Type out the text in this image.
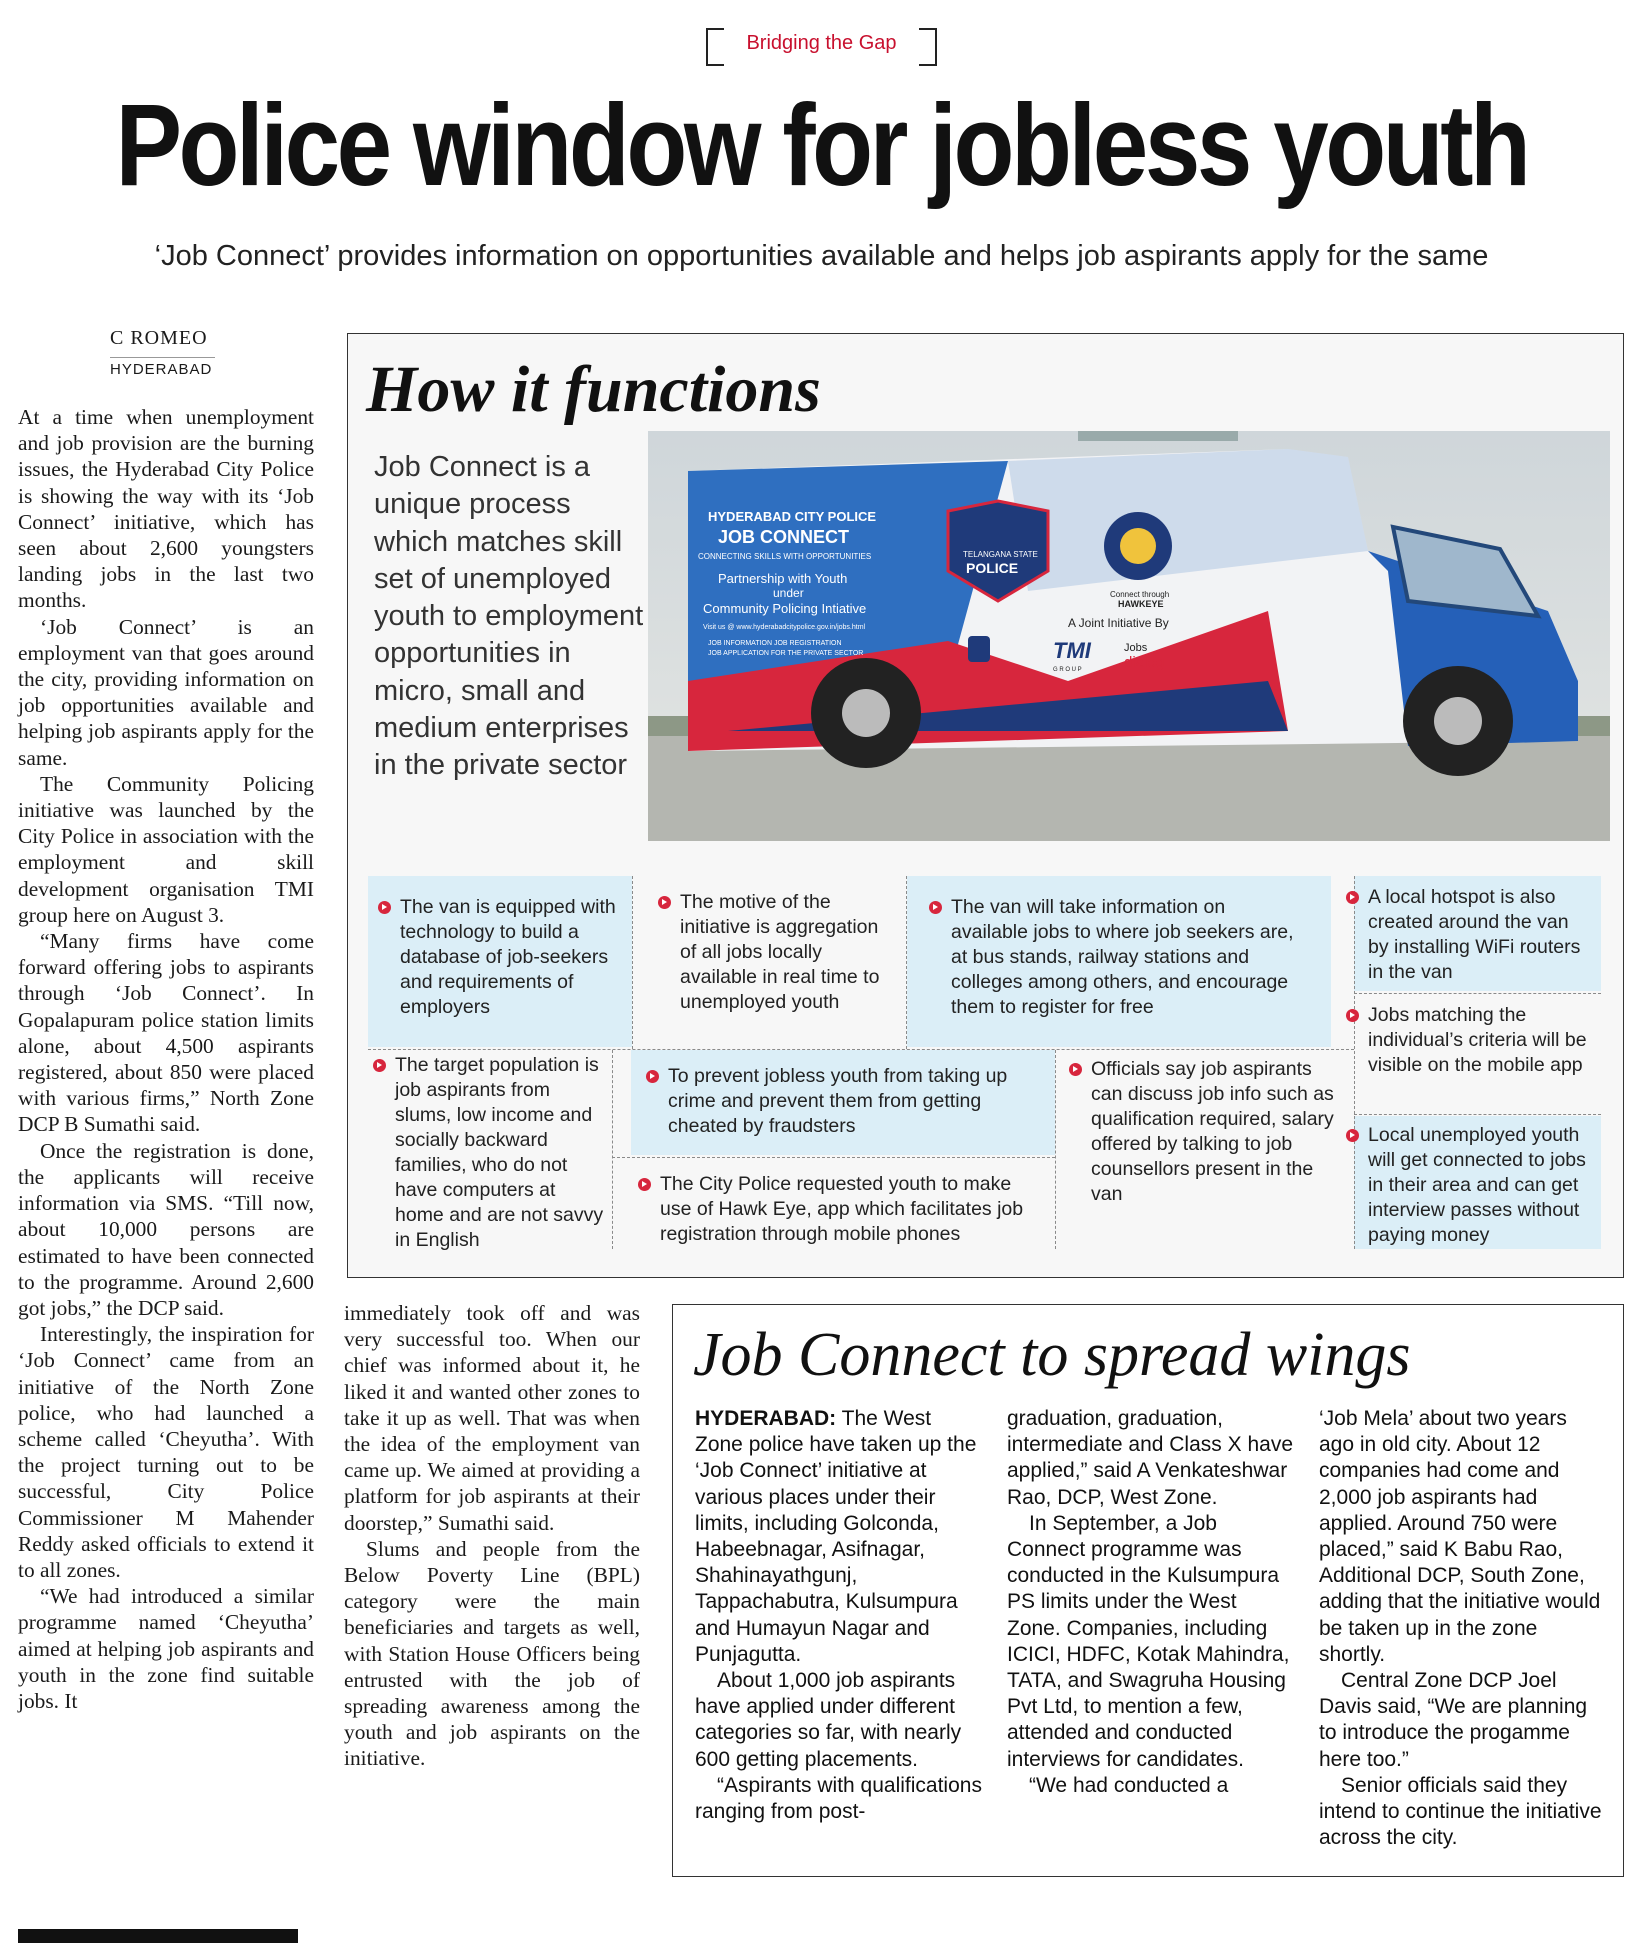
Bridging the Gap
Police window for jobless youth
‘Job Connect’ provides information on opportunities available and helps job aspirants apply for the same
C ROMEO
HYDERABAD

At a time when unemployment and job provision are the burning issues, the Hyderabad City Police is showing the way with its ‘Job Connect’ initiative, which has seen about 2,600 youngsters landing jobs in the last two months.

‘Job Connect’ is an employment van that goes around the city, providing information on job opportunities available and helping job aspirants apply for the same.

The Community Policing initiative was launched by the City Police in association with the employment and skill development organisation TMI group here on August 3.

“Many firms have come forward offering jobs to aspirants through ‘Job Connect’. In Gopalapuram police station limits alone, about 4,500 aspirants registered, about 850 were placed with various firms,” North Zone DCP B Sumathi said.

Once the registration is done, the applicants will receive information via SMS. “Till now, about 10,000 persons are estimated to have been connected to the programme. Around 2,600 got jobs,” the DCP said.

Interestingly, the inspiration for ‘Job Connect’ came from an initiative of the North Zone police, who had launched a scheme called ‘Cheyutha’. With the project turning out to be successful, City Police Commissioner M Mahender Reddy asked officials to extend it to all zones.

“We had introduced a similar programme named ‘Cheyutha’ aimed at helping job aspirants and youth in the zone find suitable jobs. It

immediately took off and was very successful too. When our chief was informed about it, he liked it and wanted other zones to take it up as well. That was when the idea of the employment van came up. We aimed at providing a platform for job aspirants at their doorstep,” Sumathi said.

Slums and people from the Below Poverty Line (BPL) category were the main beneficiaries and targets as well, with Station House Officers being entrusted with the job of spreading awareness among the youth and job aspirants on the initiative.

How it functions
Job Connect is a unique process which matches skill set of unemployed youth to employment opportunities in micro, small and medium enterprises in the private sector
HYDERABAD CITY POLICE
JOB CONNECT
CONNECTING SKILLS WITH OPPORTUNITIES
Partnership with Youth
under
Community Policing Intiative
Visit us @ www.hyderabadcitypolice.gov.in/jobs.html
JOB INFORMATION JOB REGISTRATION
JOB APPLICATION FOR THE PRIVATE SECTOR
TELANGANA STATE
POLICE
Connect through
HAWKEYE
A Joint Initiative By
TMI
G R O U P
Jobs
dialog
The van is equipped with technology to build a database of job-seekers and requirements of employers
The motive of the initiative is aggregation of all jobs locally available in real time to unemployed youth
The van will take information on available jobs to where job seekers are, at bus stands, railway stations and colleges among others, and encourage them to register for free
A local hotspot is also created around the van by installing WiFi routers in the van
The target population is job aspirants from slums, low income and socially backward families, who do not have computers at home and are not savvy in English
To prevent jobless youth from taking up crime and prevent them from getting cheated by fraudsters
The City Police requested youth to make use of Hawk Eye, app which facilitates job registration through mobile phones
Officials say job aspirants can discuss job info such as qualification required, salary offered by talking to job counsellors present in the van
Jobs matching the individual’s criteria will be visible on the mobile app
Local unemployed youth will get connected to jobs in their area and can get interview passes without paying money
Job Connect to spread wings

HYDERABAD: The West Zone police have taken up the ‘Job Connect’ initiative at various places under their limits, including Golconda, Habeebnagar, Asifnagar, Shahinayathgunj, Tappachabutra, Kulsumpura and Humayun Nagar and Punjagutta.

About 1,000 job aspirants have applied under different categories so far, with nearly 600 getting placements.

“Aspirants with qualifications ranging from post-

graduation, graduation, intermediate and Class X have applied,” said A Venkateshwar Rao, DCP, West Zone.

In September, a Job Connect programme was conducted in the Kulsumpura PS limits under the West Zone. Companies, including ICICI, HDFC, Kotak Mahindra, TATA, and Swagruha Housing Pvt Ltd, to mention a few, attended and conducted interviews for candidates.

“We had conducted a

‘Job Mela’ about two years ago in old city. About 12 companies had come and 2,000 job aspirants had applied. Around 750 were placed,” said K Babu Rao, Additional DCP, South Zone, adding that the initiative would be taken up in the zone shortly.

Central Zone DCP Joel Davis said, “We are planning to introduce the progamme here too.”

Senior officials said they intend to continue the initiative across the city.
